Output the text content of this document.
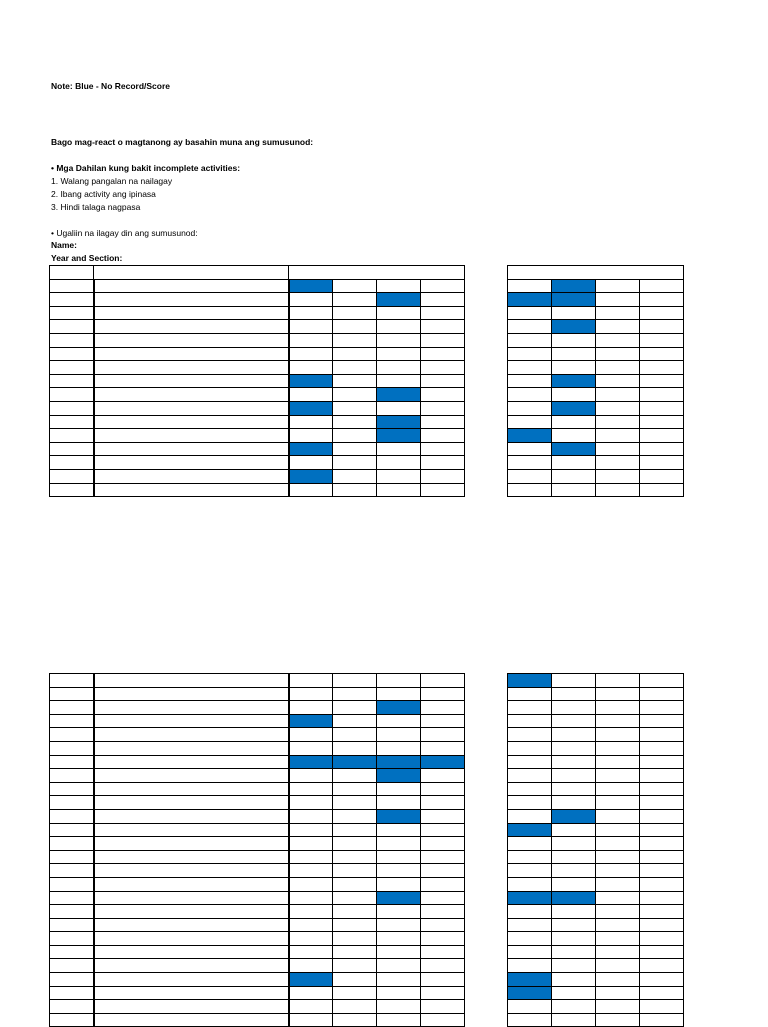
Note: Blue - No Record/Score
Bago mag-react o magtanong ay basahin muna ang sumusunod:
• Mga Dahilan kung bakit incomplete activities:
1. Walang pangalan na nailagay
2. Ibang activity ang ipinasa
3. Hindi talaga nagpasa
• Ugaliin na ilagay din ang sumusunod:
Name:
Year and Section:
